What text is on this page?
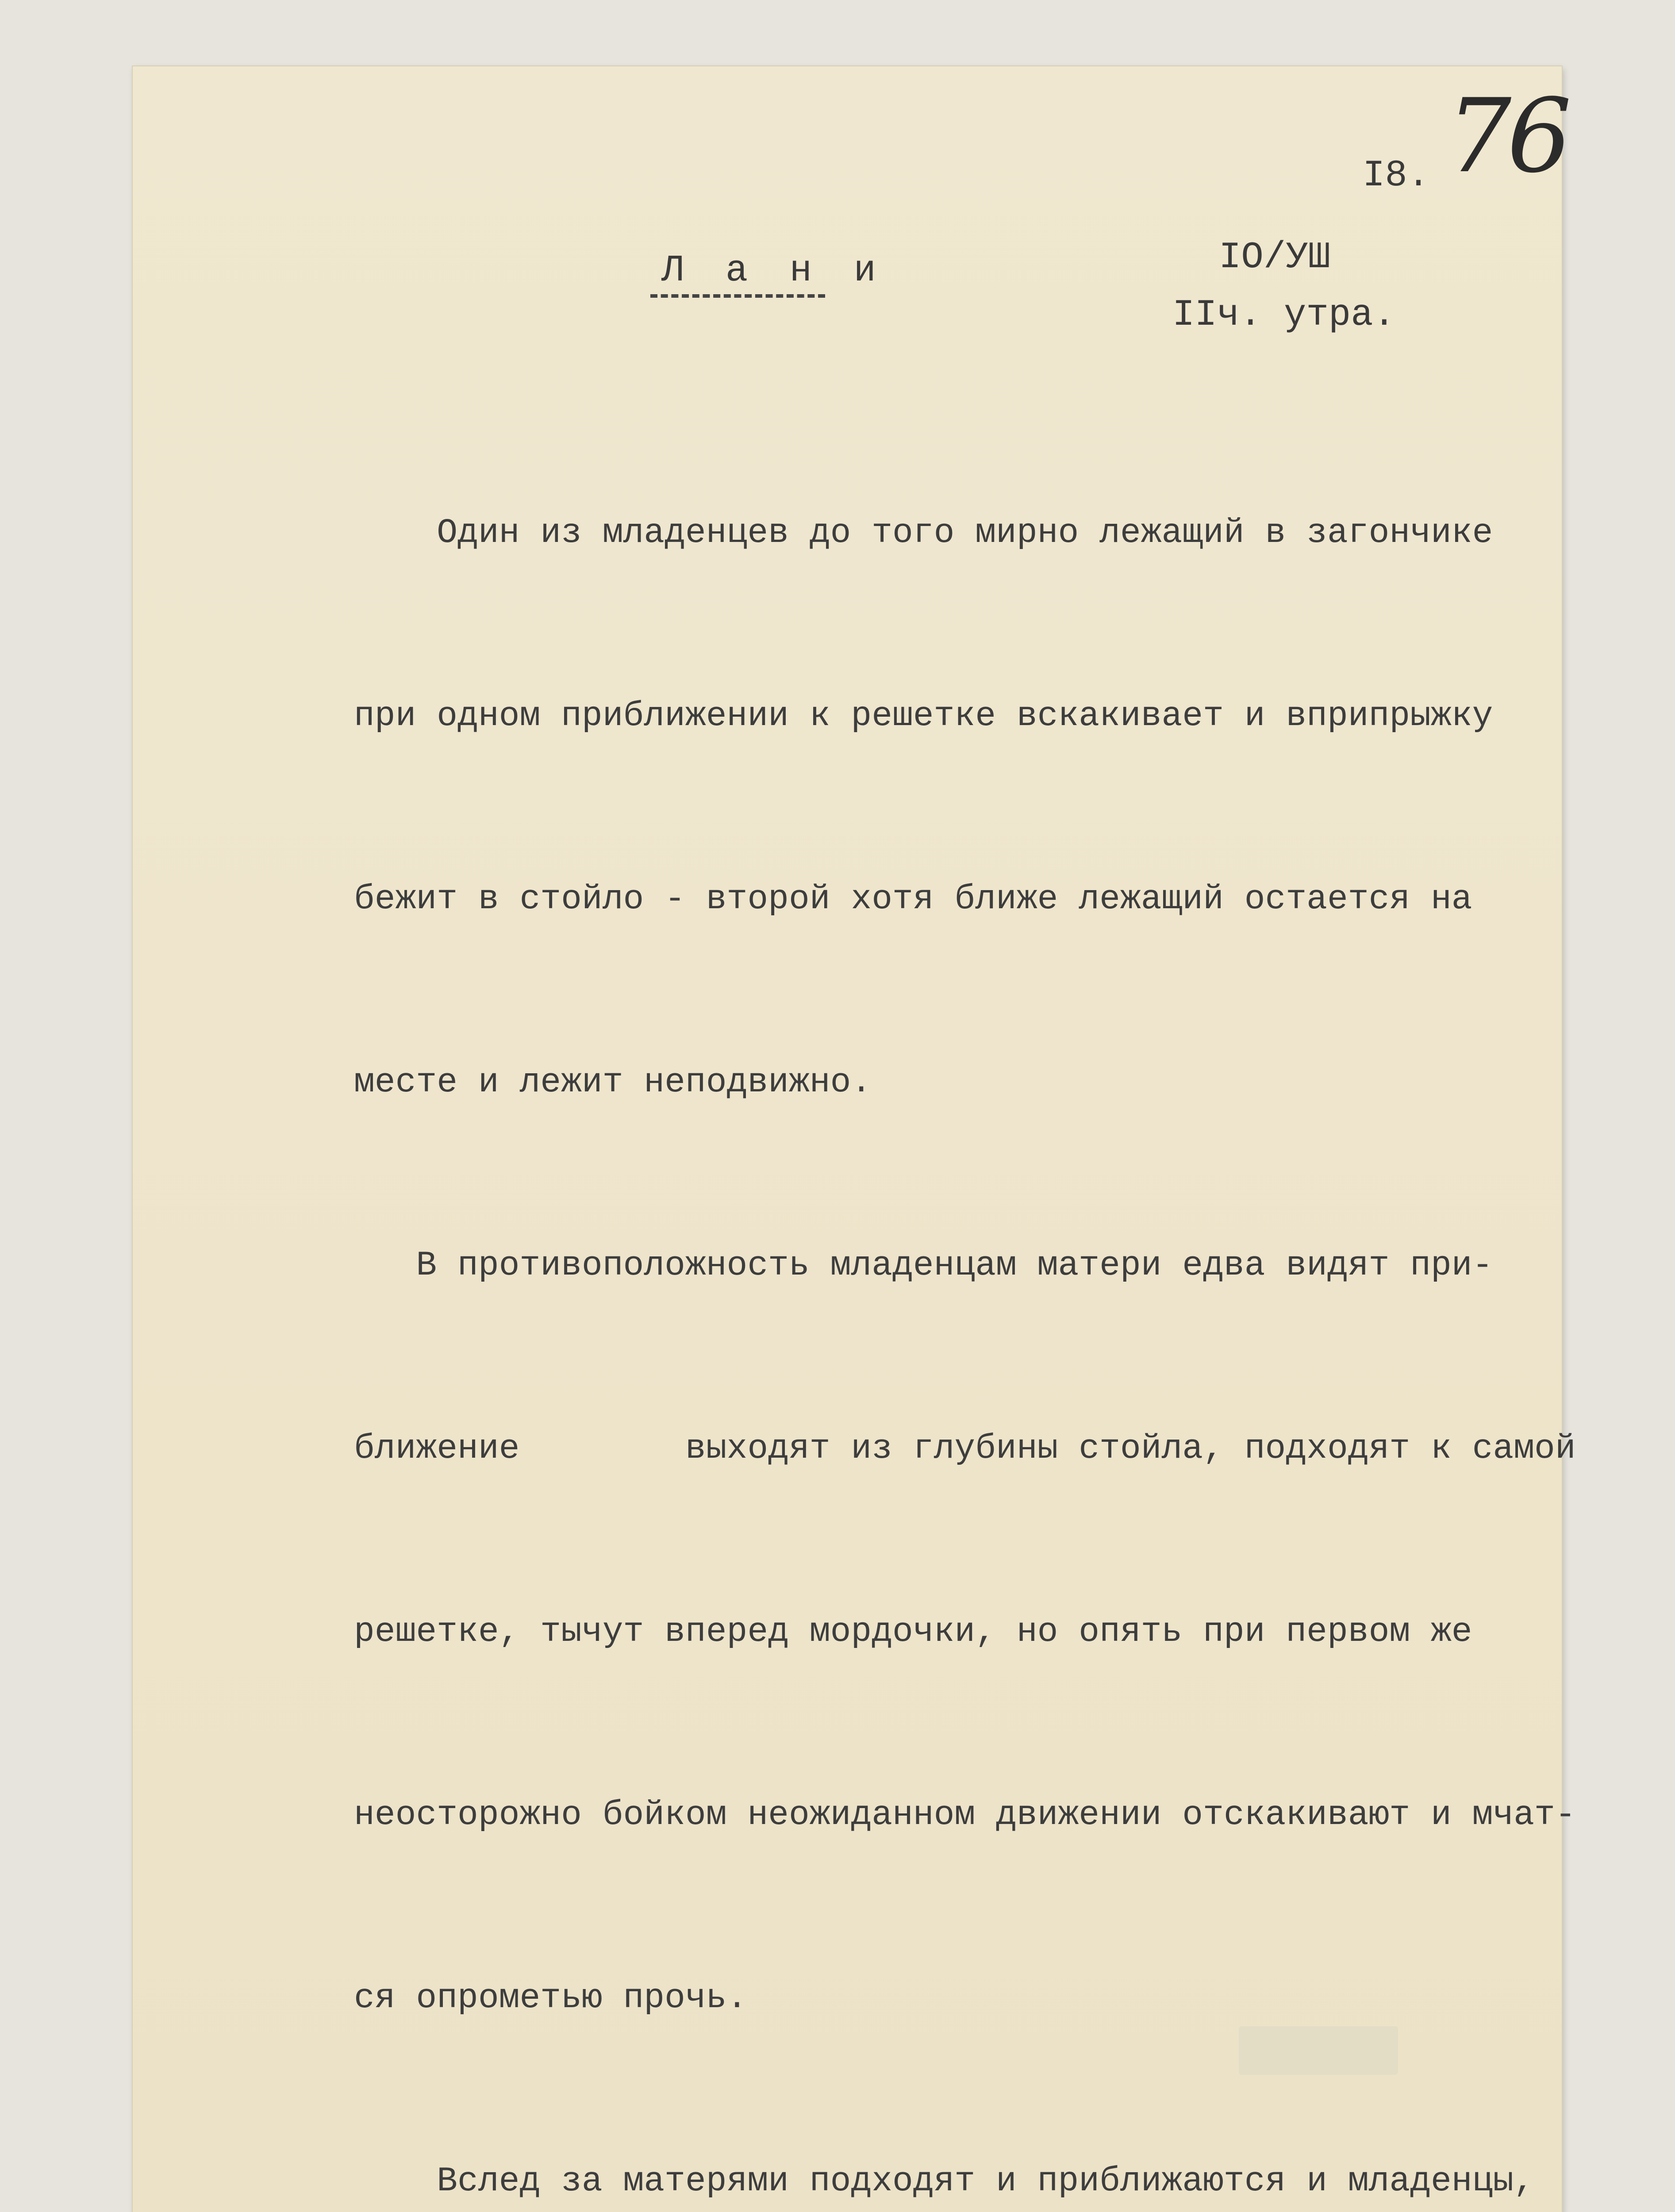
76
I8.
Л а н и	IO/УШ
IIч. утра.

Один из младенцев до того мирно лежащий в загончике

при одном приближении к решетке вскакивает и вприпрыжку

бежит в стойло - второй хотя ближе лежащий остается на

месте и лежит неподвижно.

В противоположность младенцам матери едва видят при-

ближение        выходят из глубины стойла, подходят к самой

решетке, тычут вперед мордочки, но опять при первом же

неосторожно бойком неожиданном движении отскакивают и мчат-

ся опрометью прочь.

Вслед за матерями подходят и приближаются и младенцы,
